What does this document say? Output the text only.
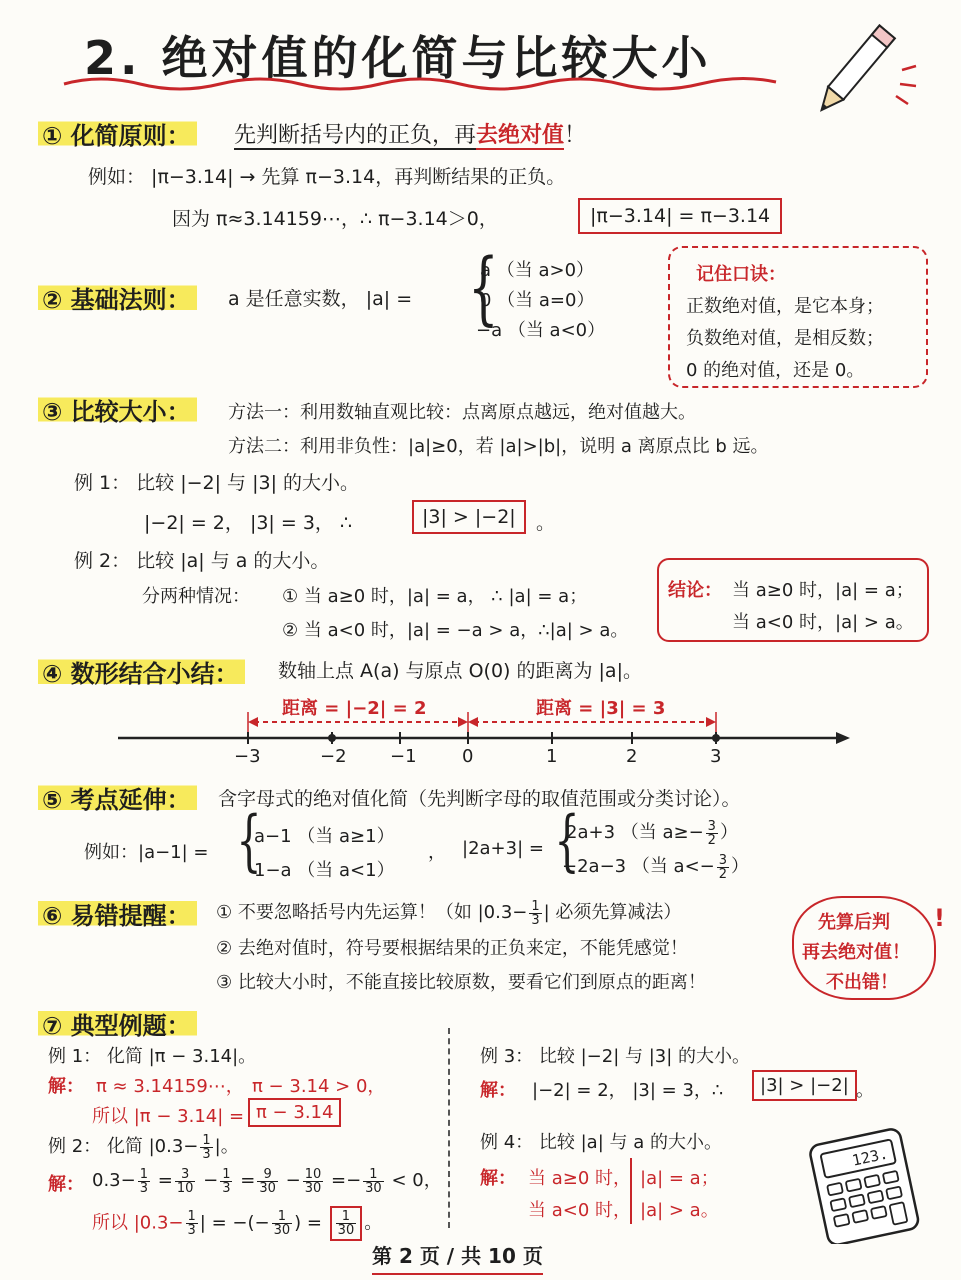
2. 绝对值的化简与比较大小
① 化简原则： 先判断括号内的正负，再去绝对值！
例如： |π−3.14| → 先算 π−3.14，再判断结果的正负。
因为 π≈3.14159⋯，∴ π−3.14＞0，	|π−3.14| = π−3.14
② 基础法则：	a 是任意实数， |a| = {
a （当 a>0）
0 （当 a=0）
−a （当 a<0）
记住口诀：
正数绝对值，是它本身；
负数绝对值，是相反数；
0 的绝对值，还是 0。
③ 比较大小：	方法一：利用数轴直观比较：点离原点越远，绝对值越大。
方法二：利用非负性：|a|≥0，若 |a|>|b|，说明 a 离原点比 b 远。
例 1： 比较 |−2| 与 |3| 的大小。
|−2| = 2， |3| = 3， ∴	|3| > |−2|	。
例 2： 比较 |a| 与 a 的大小。
分两种情况： ① 当 a≥0 时，|a| = a， ∴ |a| = a；
② 当 a<0 时，|a| = −a > a，∴|a| > a。
结论： 当 a≥0 时，|a| = a；
当 a<0 时，|a| > a。
④ 数形结合小结：	数轴上点 A(a) 与原点 O(0) 的距离为 |a|。
距离 = |−2| = 2	距离 = |3| = 3
−3	−2 −1	0	1	2	3
⑤ 考点延伸：	含字母式的绝对值化简（先判断字母的取值范围或分类讨论）。
例如：|a−1| = {
a−1 （当 a≥1）
1−a （当 a<1）
， |2a+3| = {
2a+3 （当 $a\ge- \frac{3}{2}$ ）
−2a−3 （当 $a<- \frac{3}{2}$ ）
⑥ 易错提醒：	① 不要忽略括号内先运算！（如 $|0.3- \frac{1}{3}$ | 必须先算减法）
② 去绝对值时，符号要根据结果的正负来定，不能凭感觉！
③ 比较大小时，不能直接比较原数，要看它们到原点的距离！
先算后判
再去绝对值！
不出错！
!
⑦ 典型例题：
例 1： 化简 |π − 3.14|。
解： π ≈ 3.14159⋯， π − 3.14 > 0，
所以 |π − 3.14| = π − 3.14
例 2： 化简 $|0.3- \frac{1}{3}$ |。
解： $0.3- \frac{1}{3} = \frac{3}{10} - \frac{1}{3} = \frac{9}{30} - \frac{10}{30} =- \frac{1}{30} < 0$，
所以 $|0.3- \frac{1}{3}$ | = −(− $\frac{1}{30}$ ) = $\frac{1}{30}$ 。
例 3： 比较 |−2| 与 |3| 的大小。
解： |−2| = 2， |3| = 3，∴	|3| > |−2| 。
例 4： 比较 |a| 与 a 的大小。
解： 当 a≥0 时，
当 a<0 时，
|a| = a；
|a| > a。
123.
第 2 页 / 共 10 页
